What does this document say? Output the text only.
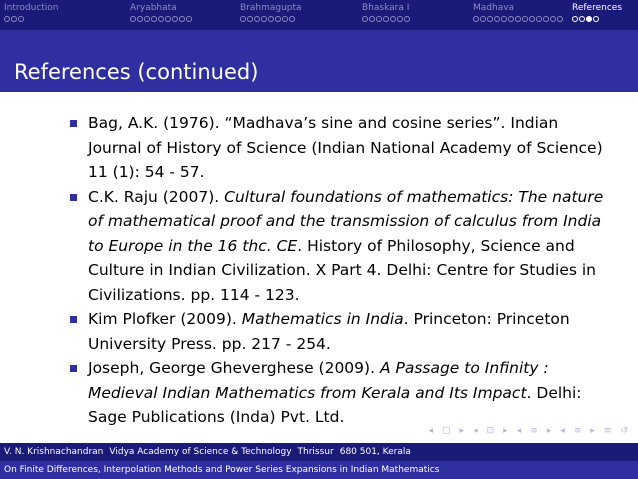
Introduction	Aryabhata	Brahmagupta	Bhaskara I	Madhava	References
References (continued)
Bag, A.K. (1976). “Madhava’s sine and cosine series”. Indian Journal of History of Science (Indian National Academy of Science) 11 (1): 54 - 57.
C.K. Raju (2007). Cultural foundations of mathematics: The nature of mathematical proof and the transmission of calculus from India to Europe in the 16 thc. CE. History of Philosophy, Science and Culture in Indian Civilization. X Part 4. Delhi: Centre for Studies in Civilizations. pp. 114 - 123.
Kim Plofker (2009). Mathematics in India. Princeton: Princeton University Press. pp. 217 - 254.
Joseph, George Gheverghese (2009). A Passage to Infinity : Medieval Indian Mathematics from Kerala and Its Impact. Delhi: Sage Publications (Inda) Pvt. Ltd.
◂ □ ▸ ◂ ⊡ ▸ ◂ ≡ ▸ ◂ ≡ ▸ ≡ ↺
V. N. Krishnachandran Vidya Academy of Science & Technology Thrissur 680 501, Kerala
On Finite Differences, Interpolation Methods and Power Series Expansions in Indian Mathematics
